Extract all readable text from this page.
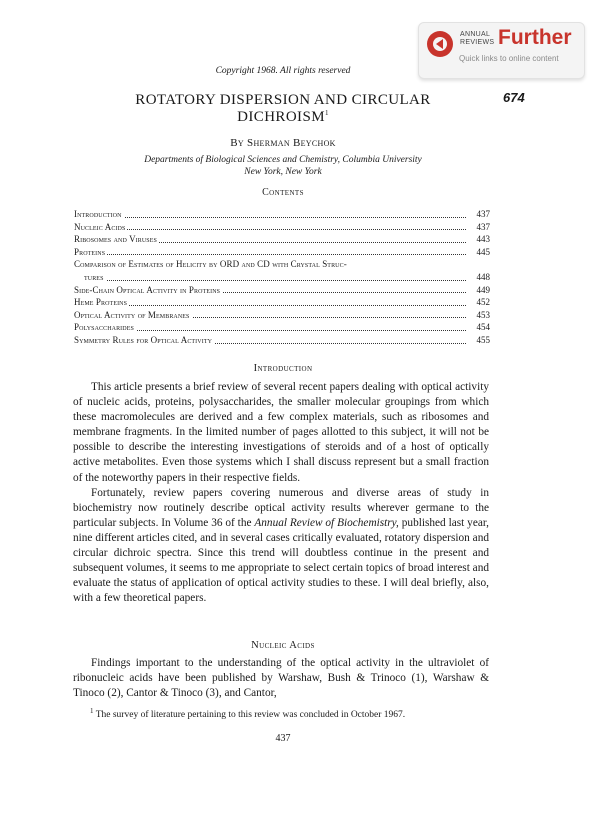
ANNUAL
REVIEWS Further
Quick links to online content
Copyright 1968. All rights reserved
ROTATORY DISPERSION AND CIRCULAR
DICHROISM$^1$
674
By Sherman Beychok
Departments of Biological Sciences and Chemistry, Columbia University
New York, New York
Contents
Introduction	437
Nucleic Acids	437
Ribosomes and Viruses	443
Proteins	445
Comparison of Estimates of Helicity by ORD and CD with Crystal Struc-
tures	448
Side-Chain Optical Activity in Proteins	449
Heme Proteins	452
Optical Activity of Membranes	453
Polysaccharides	454
Symmetry Rules for Optical Activity	455
Introduction

This article presents a brief review of several recent papers dealing with optical activity of nucleic acids, proteins, polysaccharides, the smaller molecular groupings from which these macromolecules are derived and a few complex materials, such as ribosomes and membrane fragments. In the limited number of pages allotted to this subject, it will not be possible to describe the interesting investigations of steroids and of a host of optically active metabolites. Even those systems which I shall discuss represent but a small fraction of the noteworthy papers in their respective fields.

Fortunately, review papers covering numerous and diverse areas of study in biochemistry now routinely describe optical activity results wherever germane to the particular subjects. In Volume 36 of the Annual Review of Biochemistry, published last year, nine different articles cited, and in several cases critically evaluated, rotatory dispersion and circular dichroic spectra. Since this trend will doubtless continue in the present and subsequent volumes, it seems to me appropriate to select certain topics of broad interest and evaluate the status of application of optical activity studies to these. I will deal briefly, also, with a few theoretical papers.

Nucleic Acids

Findings important to the understanding of the optical activity in the ultraviolet of ribonucleic acids have been published by Warshaw, Bush & Trinoco (1), Warshaw & Tinoco (2), Cantor & Tinoco (3), and Cantor,

$^1$ The survey of literature pertaining to this review was concluded in October 1967.
437
